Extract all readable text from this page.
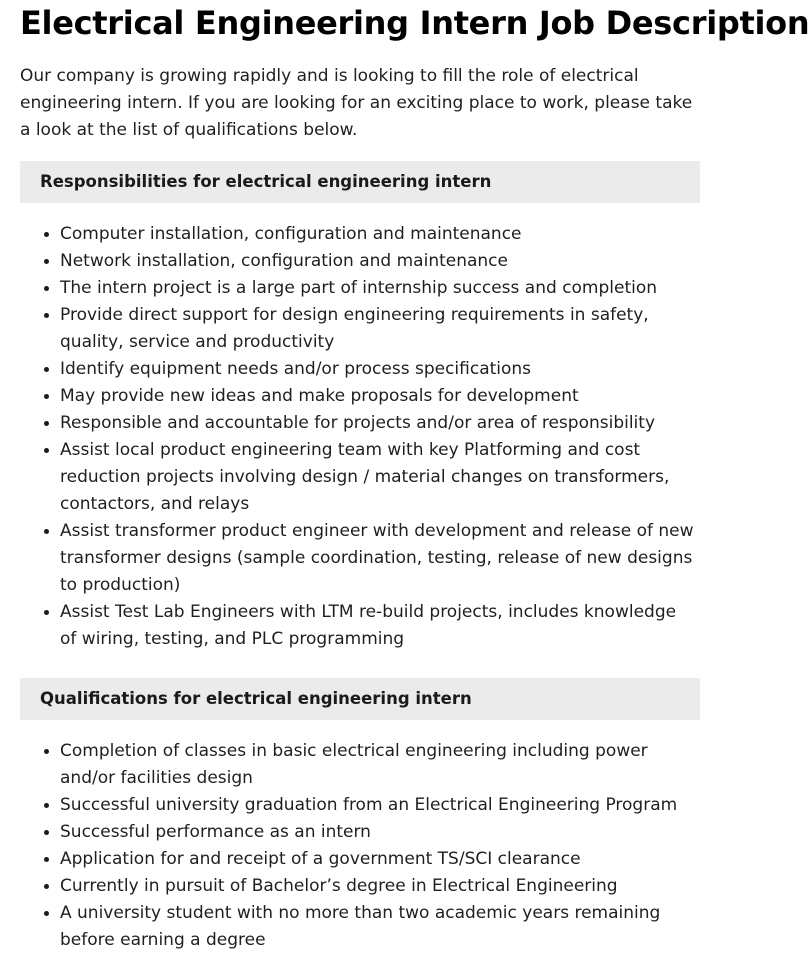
Electrical Engineering Intern Job Description

Our company is growing rapidly and is looking to fill the role of electrical engineering intern. If you are looking for an exciting place to work, please take a look at the list of qualifications below.

Responsibilities for electrical engineering intern
Computer installation, configuration and maintenance
Network installation, configuration and maintenance
The intern project is a large part of internship success and completion
Provide direct support for design engineering requirements in safety, quality, service and productivity
Identify equipment needs and/or process specifications
May provide new ideas and make proposals for development
Responsible and accountable for projects and/or area of responsibility
Assist local product engineering team with key Platforming and cost reduction projects involving design / material changes on transformers, contactors, and relays
Assist transformer product engineer with development and release of new transformer designs (sample coordination, testing, release of new designs to production)
Assist Test Lab Engineers with LTM re-build projects, includes knowledge of wiring, testing, and PLC programming
Qualifications for electrical engineering intern
Completion of classes in basic electrical engineering including power and/or facilities design
Successful university graduation from an Electrical Engineering Program
Successful performance as an intern
Application for and receipt of a government TS/SCI clearance
Currently in pursuit of Bachelor’s degree in Electrical Engineering
A university student with no more than two academic years remaining before earning a degree
